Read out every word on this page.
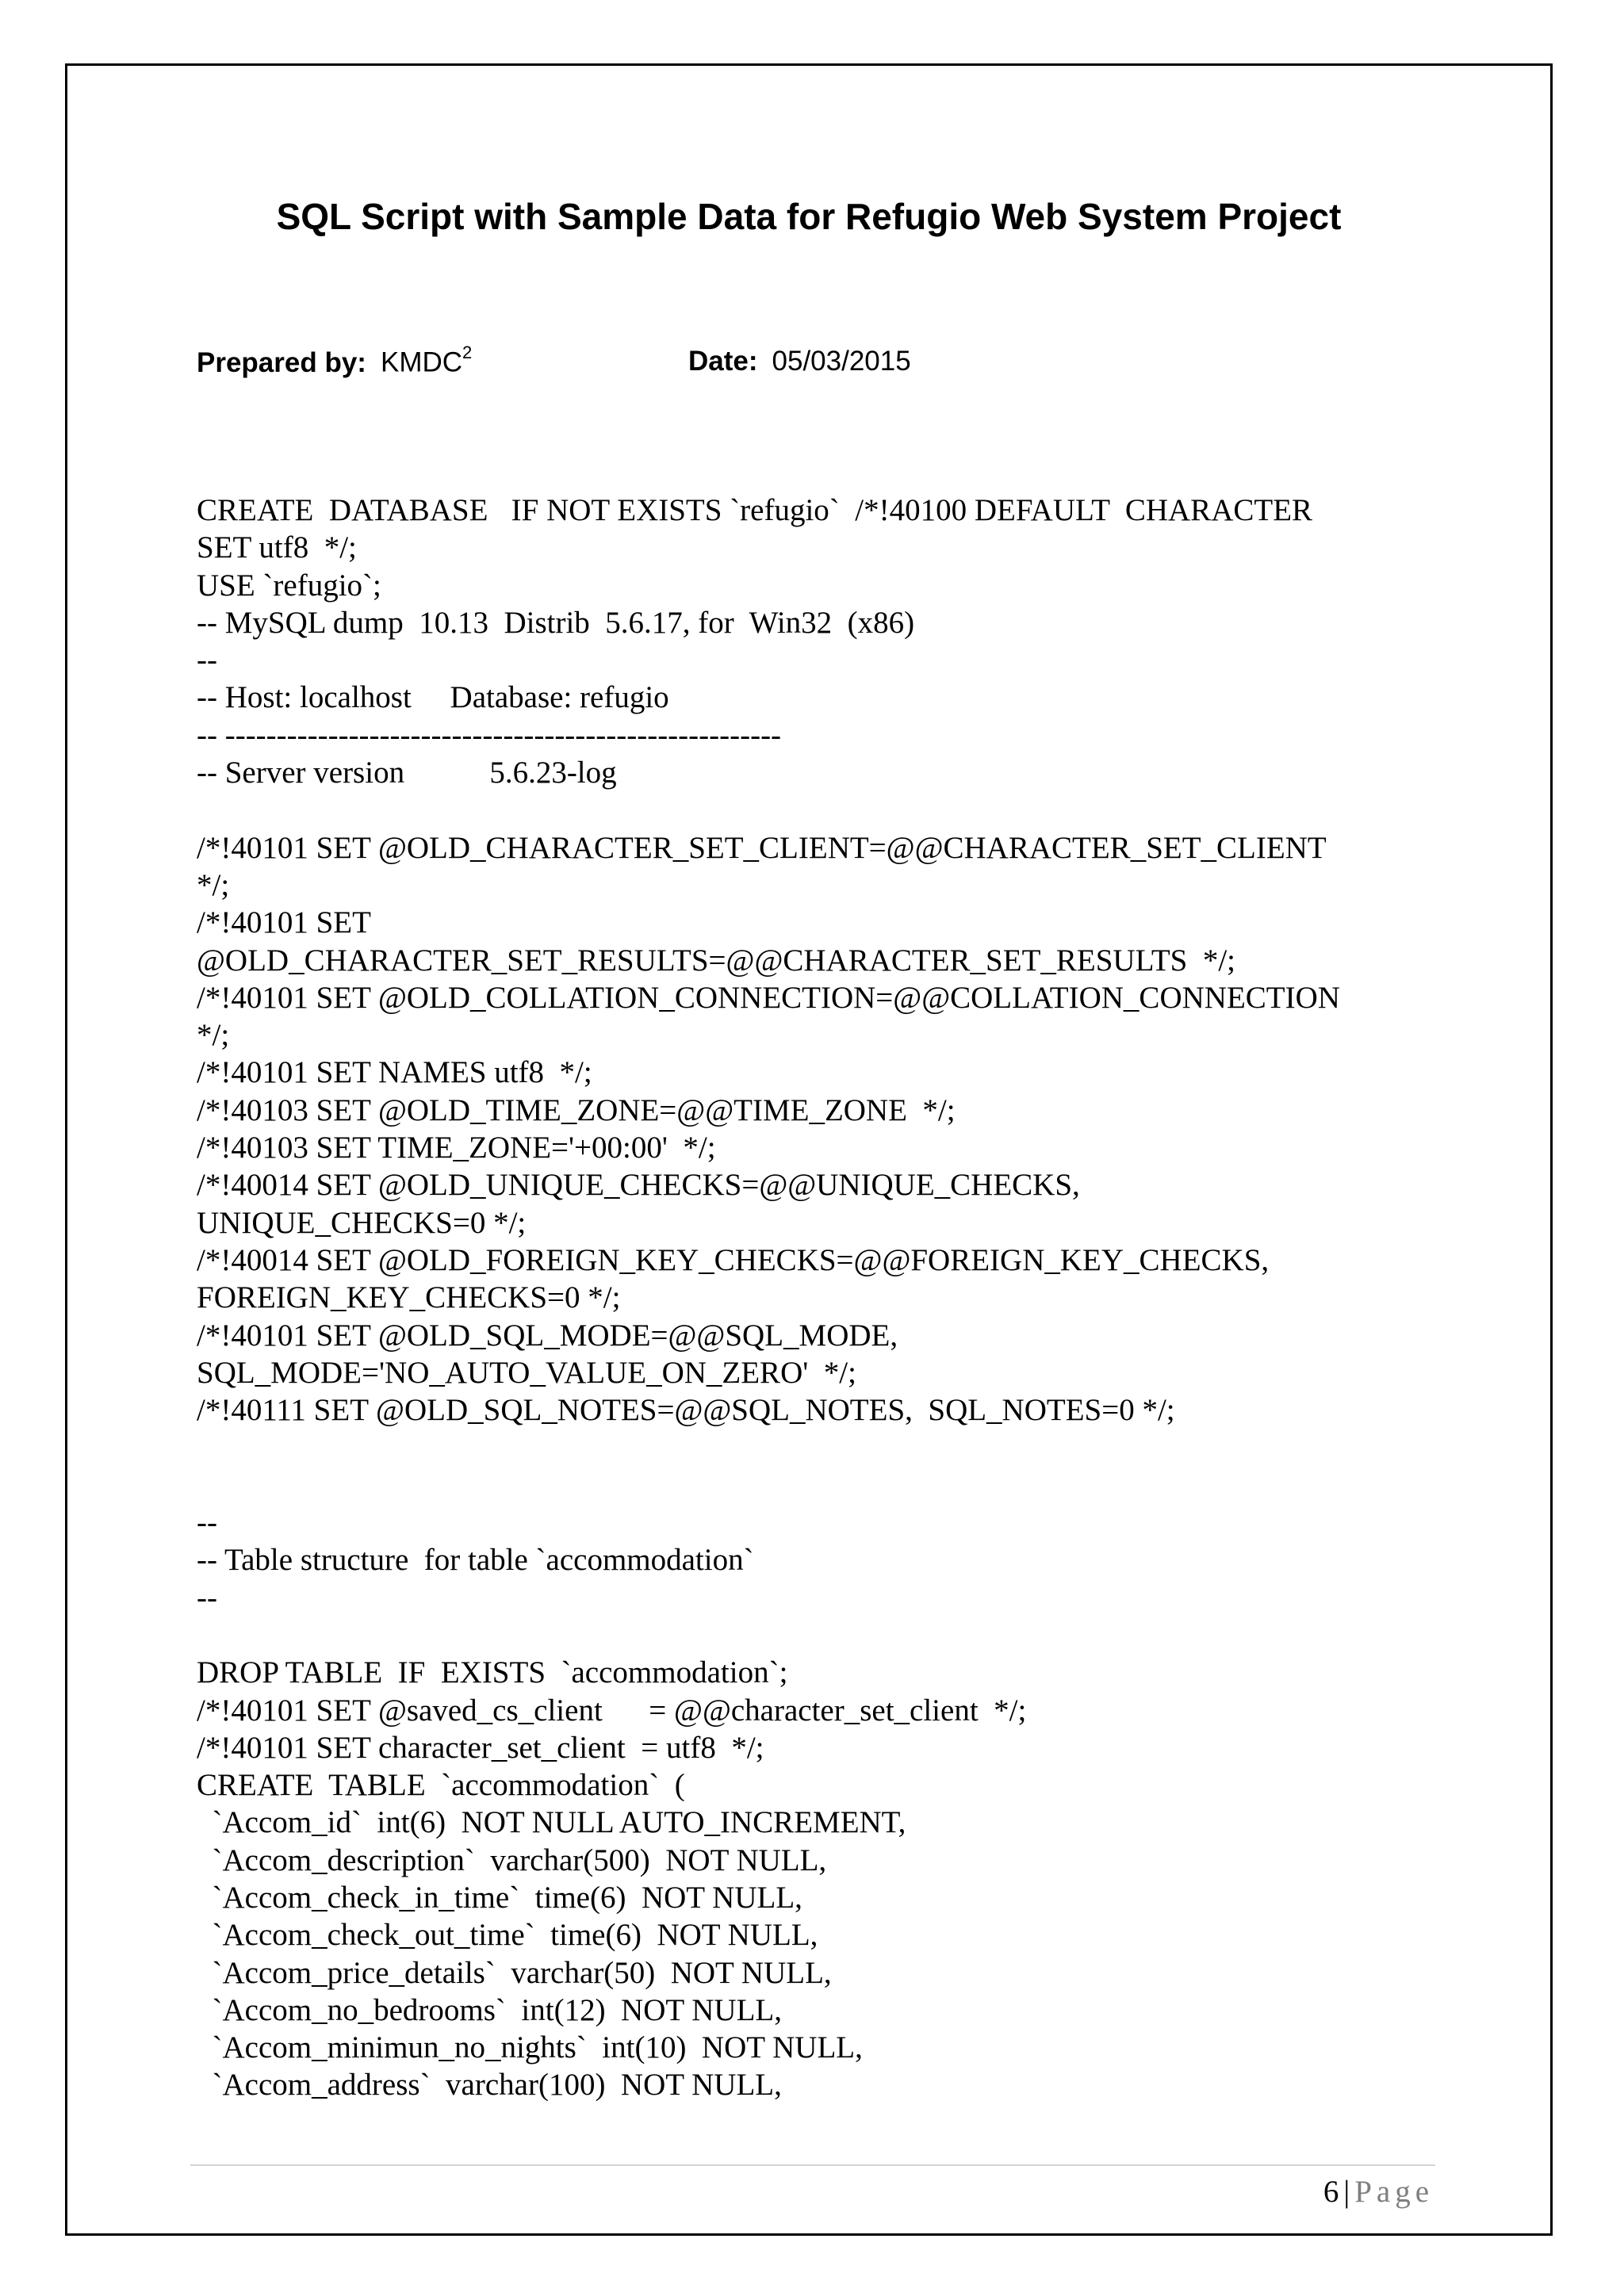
SQL Script with Sample Data for Refugio Web System Project
Prepared by: KMDC$^2$	Date: 05/03/2015
CREATE  DATABASE   IF NOT EXISTS `refugio`  /*!40100 DEFAULT  CHARACTER
SET utf8  */;
USE `refugio`;
-- MySQL dump  10.13  Distrib  5.6.17, for  Win32  (x86)
--
-- Host: localhost     Database: refugio
-- ------------------------------------------------------
-- Server version           5.6.23-log
/*!40101 SET @OLD_CHARACTER_SET_CLIENT=@@CHARACTER_SET_CLIENT
*/;
/*!40101 SET
@OLD_CHARACTER_SET_RESULTS=@@CHARACTER_SET_RESULTS  */;
/*!40101 SET @OLD_COLLATION_CONNECTION=@@COLLATION_CONNECTION
*/;
/*!40101 SET NAMES utf8  */;
/*!40103 SET @OLD_TIME_ZONE=@@TIME_ZONE  */;
/*!40103 SET TIME_ZONE='+00:00'  */;
/*!40014 SET @OLD_UNIQUE_CHECKS=@@UNIQUE_CHECKS,
UNIQUE_CHECKS=0 */;
/*!40014 SET @OLD_FOREIGN_KEY_CHECKS=@@FOREIGN_KEY_CHECKS,
FOREIGN_KEY_CHECKS=0 */;
/*!40101 SET @OLD_SQL_MODE=@@SQL_MODE,
SQL_MODE='NO_AUTO_VALUE_ON_ZERO'  */;
/*!40111 SET @OLD_SQL_NOTES=@@SQL_NOTES,  SQL_NOTES=0 */;
--
-- Table structure  for table `accommodation`
--
DROP TABLE  IF  EXISTS  `accommodation`;
/*!40101 SET @saved_cs_client      = @@character_set_client  */;
/*!40101 SET character_set_client  = utf8  */;
CREATE  TABLE  `accommodation`  (
`Accom_id`  int(6)  NOT NULL AUTO_INCREMENT,
`Accom_description`  varchar(500)  NOT NULL,
`Accom_check_in_time`  time(6)  NOT NULL,
`Accom_check_out_time`  time(6)  NOT NULL,
`Accom_price_details`  varchar(50)  NOT NULL,
`Accom_no_bedrooms`  int(12)  NOT NULL,
`Accom_minimun_no_nights`  int(10)  NOT NULL,
`Accom_address`  varchar(100)  NOT NULL,
6 | Page
